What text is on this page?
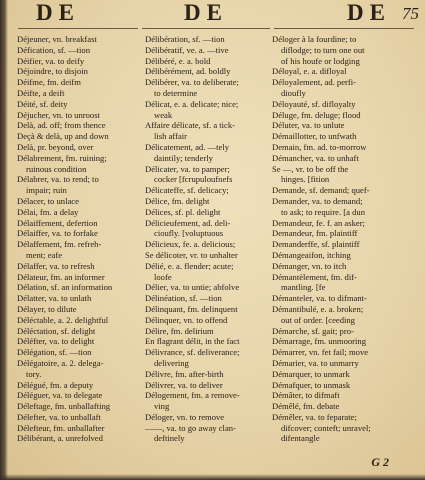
DE	DE	DE 75
Déjeuner, vn. breakfast
Défication, sf. —tion
Déifier, va. to deify
Déjoindre, to disjoin
Déifme, fm. deifm
Déifte, a deift
Déité, sf. deity
Déjucher, vn. to unroost
Delà, ad. off; from thence
Deçà & delà, up and down
Delà, pr. beyond, over
Délabrement, fm. ruining;
ruinous condition
Délabrer, va. to rend; to
impair; ruin
Délacer, to unlace
Délai, fm. a delay
Délaiffement, defertion
Délaiffer, va. to forfake
Délaffement, fm. refreh-
ment; eafe
Délaffer, va. to refresh
Délateur, fm. an informer
Délation, sf. an information
Délatter, va. to unlath
Délayer, to dilute
Déléctable, a. 2. delightful
Déléctation, sf. delight
Déléfter, va. to delight
Délégation, sf. —tion
Délégatoire, a. 2. delega-
tory.
Délégué, fm. a deputy
Déléguer, va. to delegate
Déleftage, fm. unballafting
Délefter, va. to unballaft
Délefteur, fm. unballafter
Délibérant, a. unrefolved
Délibération, sf. —tion
Délibératif, ve. a. —tive
Délibéré, e. a. bold
Délibérément, ad. boldly
Délibérer, va. to deliberate;
to determine
Délicat, e. a. delicate; nice;
weak
Affaire délicate, sf. a tick-
lish affair
Délicatement, ad. —tely
daintily; tenderly
Délicater, va. to pamper;
cocker [fcrupuloufnefs
Délicateffe, sf. delicacy;
Délice, fm. delight
Délices, sf. pl. delight
Délicieufement, ad. deli-
cioufly. [voluptuous
Délicieux, fe. a. delicious;
Se délicoter, vr. to unhalter
Délié, e. a. flender; acute;
loofe
Délier, va. to untie; abfolve
Délinéation, sf. —tion
Délinquant, fm. delinquent
Délinquer, vn. to offend
Délire, fm. delirium
En flagrant délit, in the fact
Délivrance, sf. deliverance;
delivering
Délivre, fm. after-birth
Délivrer, va. to deliver
Délogement, fm. a remove-
ving
Déloger, vn. to remove
——, va. to go away clan-
deftinely
Déloger à la fourdine; to
diflodge; to turn one out
of his houfe or lodging
Déloyal, e. a. difloyal
Déloyalement, ad. perfi-
dioufly
Déloyauté, sf. difloyalty
Déluge, fm. deluge; flood
Déluter, va. to unlute
Démaillotter, to unfwath
Demain, fm. ad. to-morrow
Démancher, va. to unhaft
Se —, vr. to be off the
hinges. [fition
Demande, sf. demand; quef-
Demander, va. to demand;
to ask; to require. [a dun
Demandeur, fe. f. an asker;
Demandeur, fm. plaintiff
Demanderffe, sf. plaintiff
Démangeaifon, itching
Démanger, vn. to itch
Démantèlement, fm. dif-
mantling. [fe
Démanteler, va. to difmant-
Démantibulé, e. a. broken;
out of order. [ceeding
Démarche, sf. gait; pro-
Démarrage, fm. unmooring
Démarrer, vn. fet fail; move
Démarier, va. to unmarry
Démarquer, to unmark
Démafquer, to unmask
Démâter, to difmaft
Démêlé, fm. debate
Démêler, va. to feparate;
difcover; conteft; unravel;
difentangle
G 2
